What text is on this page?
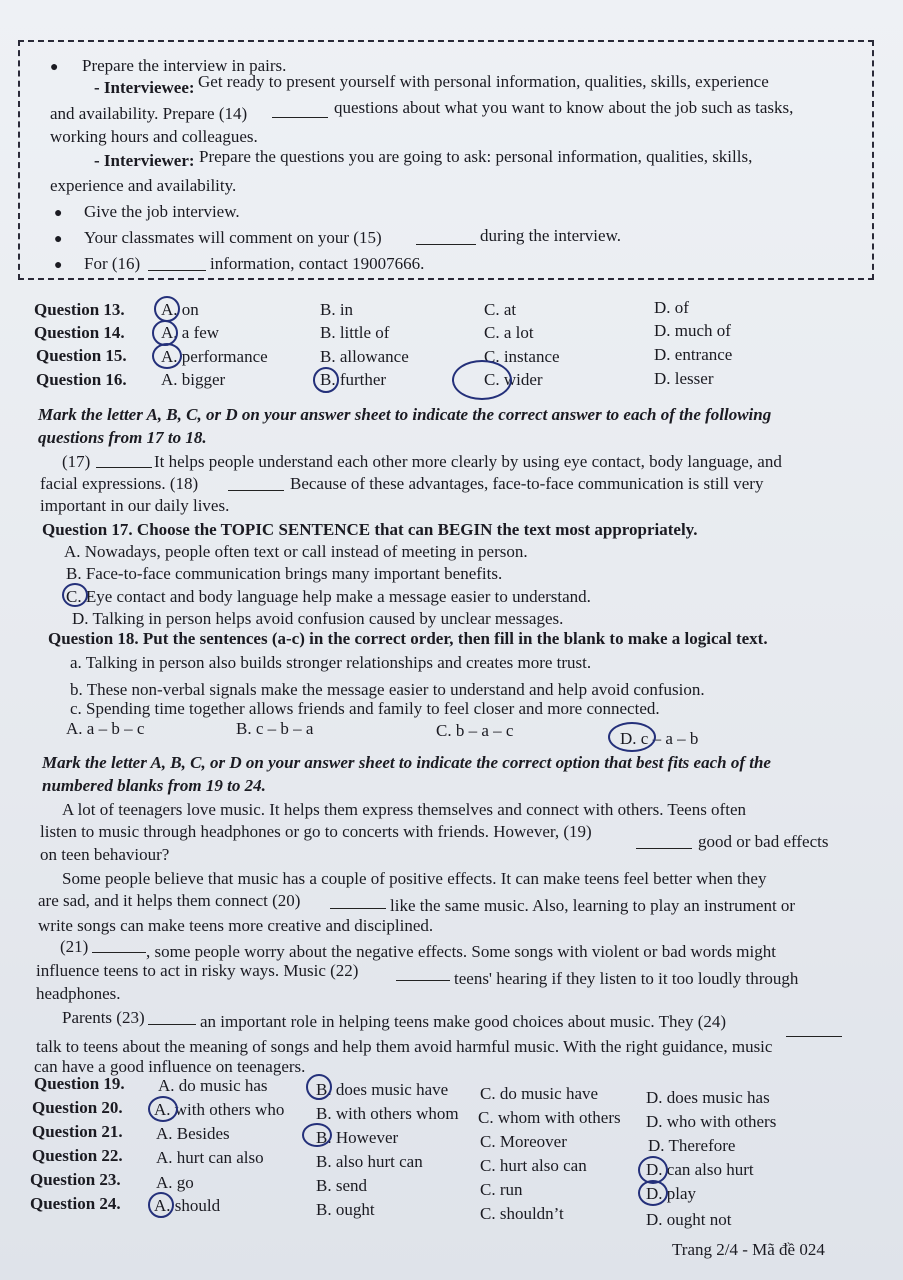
● Prepare the interview in pairs.
- Interviewee: Get ready to present yourself with personal information, qualities, skills, experience
and availability. Prepare (14)	questions about what you want to know about the job such as tasks,
working hours and colleagues.
- Interviewer: Prepare the questions you are going to ask: personal information, qualities, skills,
experience and availability.
● Give the job interview.
● Your classmates will comment on your (15)	during the interview.
● For (16)	information, contact 19007666.
Question 13. A. on	B. in	C. at	D. of
Question 14. A. a few	B. little of	C. a lot	D. much of
Question 15. A. performance	B. allowance	C. instance	D. entrance
Question 16. A. bigger	B. further	C. wider	D. lesser
Mark the letter A, B, C, or D on your answer sheet to indicate the correct answer to each of the following
questions from 17 to 18.
(17)	It helps people understand each other more clearly by using eye contact, body language, and
facial expressions. (18)	Because of these advantages, face-to-face communication is still very
important in our daily lives.
Question 17. Choose the TOPIC SENTENCE that can BEGIN the text most appropriately.
A. Nowadays, people often text or call instead of meeting in person.
B. Face-to-face communication brings many important benefits.
C. Eye contact and body language help make a message easier to understand.
D. Talking in person helps avoid confusion caused by unclear messages.
Question 18. Put the sentences (a-c) in the correct order, then fill in the blank to make a logical text.
a. Talking in person also builds stronger relationships and creates more trust.
b. These non-verbal signals make the message easier to understand and help avoid confusion.
c. Spending time together allows friends and family to feel closer and more connected.
A. a – b – c	B. c – b – a	C. b – a – c	D. c – a – b
Mark the letter A, B, C, or D on your answer sheet to indicate the correct option that best fits each of the
numbered blanks from 19 to 24.
A lot of teenagers love music. It helps them express themselves and connect with others. Teens often
listen to music through headphones or go to concerts with friends. However, (19)
good or bad effects
on teen behaviour?
Some people believe that music has a couple of positive effects. It can make teens feel better when they
are sad, and it helps them connect (20)	like the same music. Also, learning to play an instrument or
write songs can make teens more creative and disciplined.
(21)	, some people worry about the negative effects. Some songs with violent or bad words might
influence teens to act in risky ways. Music (22)	teens' hearing if they listen to it too loudly through
headphones.
Parents (23)	an important role in helping teens make good choices about music. They (24)
talk to teens about the meaning of songs and help them avoid harmful music. With the right guidance, music
can have a good influence on teenagers.
Question 19. A. do music has	B. does music have C. do music have	D. does music has
Question 20. A. with others who B. with others whom C. whom with others D. who with others
Question 21. A. Besides	B. However	C. Moreover	D. Therefore
Question 22. A. hurt can also	B. also hurt can	C. hurt also can	D. can also hurt
Question 23. A. go	B. send	C. run	D. play
Question 24. A. should	B. ought	C. shouldn’t	D. ought not
Trang 2/4 - Mã đề 024
